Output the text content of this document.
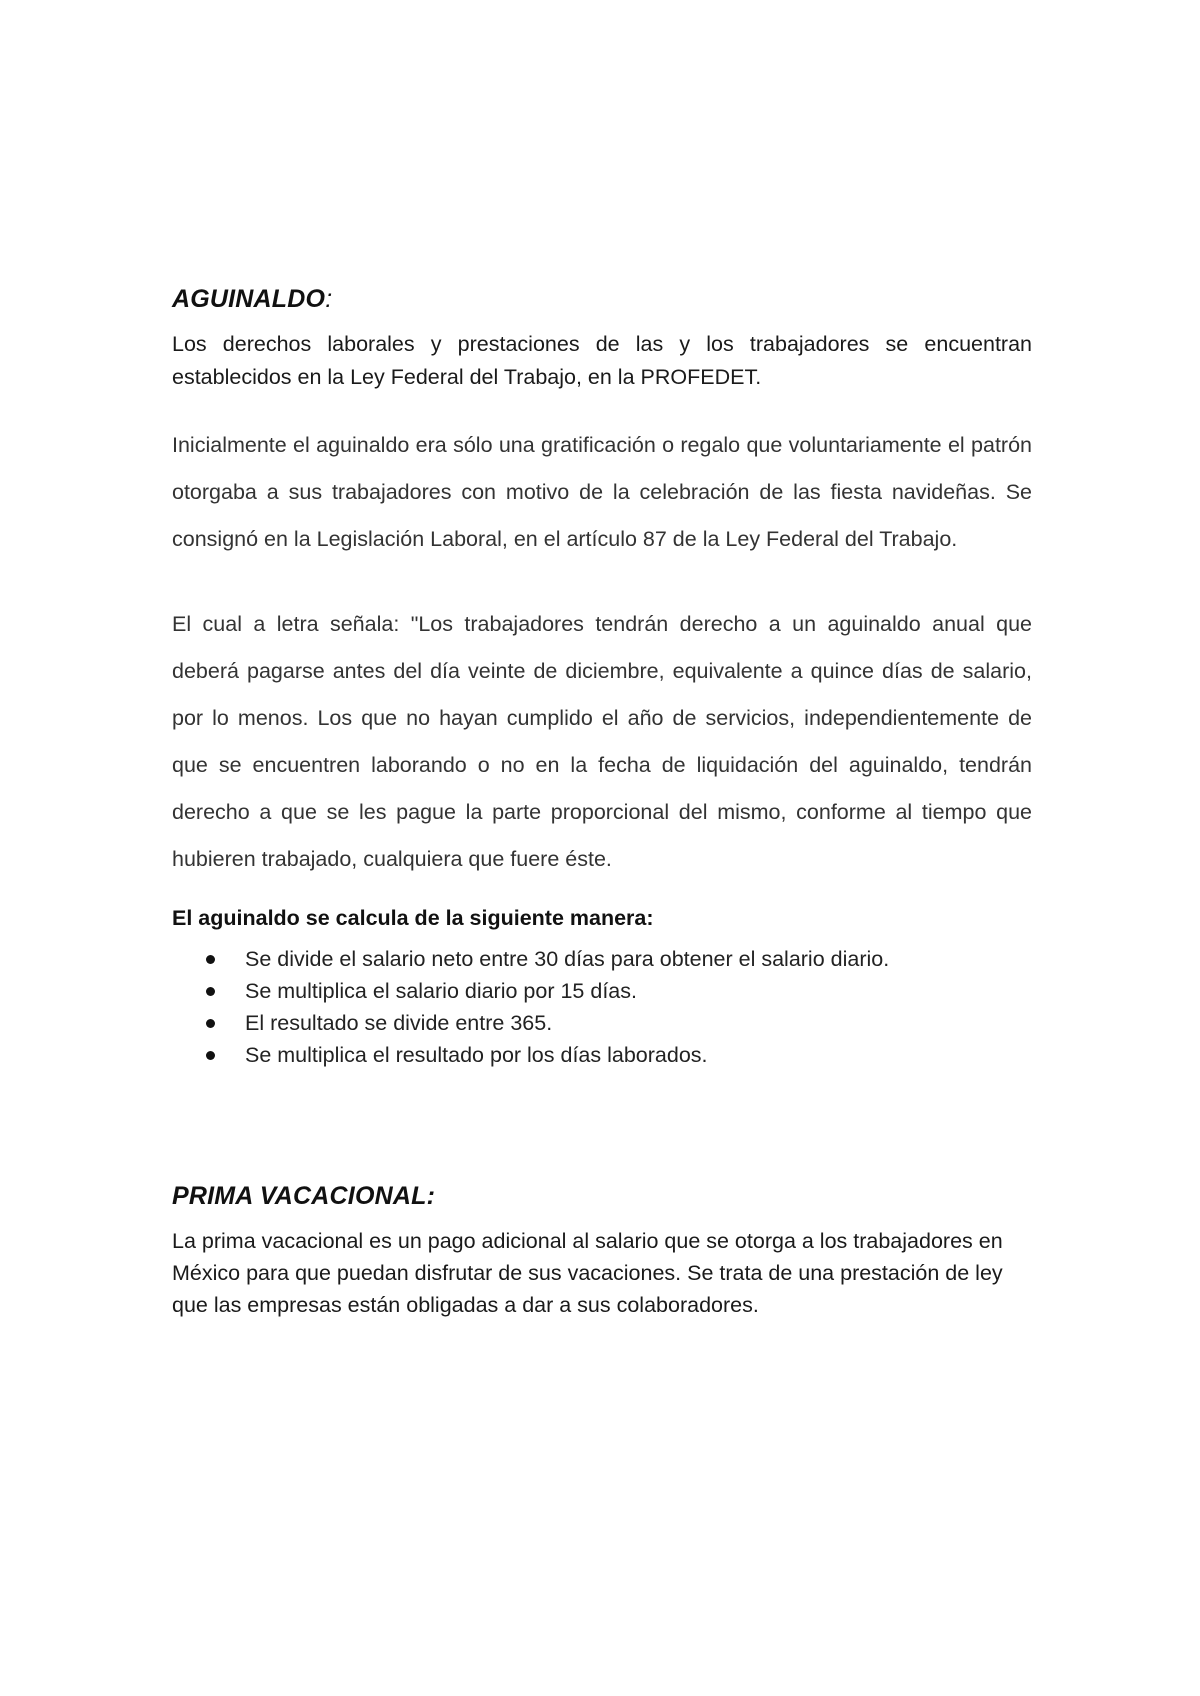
AGUINALDO:

Los derechos laborales y prestaciones de las y los trabajadores se encuentran establecidos en la Ley Federal del Trabajo, en la PROFEDET.

Inicialmente el aguinaldo era sólo una gratificación o regalo que voluntariamente el patrón otorgaba a sus trabajadores con motivo de la celebración de las fiesta navideñas. Se consignó en la Legislación Laboral, en el artículo 87 de la Ley Federal del Trabajo.

El cual a letra señala: "Los trabajadores tendrán derecho a un aguinaldo anual que deberá pagarse antes del día veinte de diciembre, equivalente a quince días de salario, por lo menos. Los que no hayan cumplido el año de servicios, independientemente de que se encuentren laborando o no en la fecha de liquidación del aguinaldo, tendrán derecho a que se les pague la parte proporcional del mismo, conforme al tiempo que hubieren trabajado, cualquiera que fuere éste.

El aguinaldo se calcula de la siguiente manera:

Se divide el salario neto entre 30 días para obtener el salario diario.
Se multiplica el salario diario por 15 días.
El resultado se divide entre 365.
Se multiplica el resultado por los días laborados.
PRIMA VACACIONAL:

La prima vacacional es un pago adicional al salario que se otorga a los trabajadores en México para que puedan disfrutar de sus vacaciones. Se trata de una prestación de ley que las empresas están obligadas a dar a sus colaboradores.
